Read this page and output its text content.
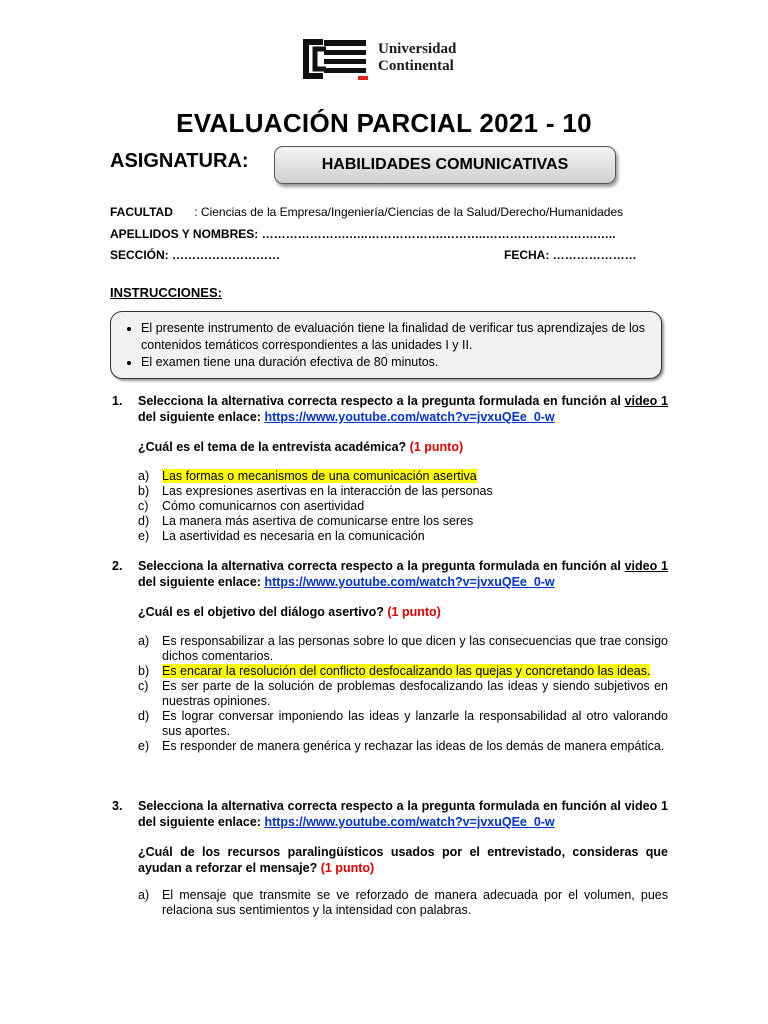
Universidad
Continental
EVALUACIÓN PARCIAL 2021 - 10
ASIGNATURA:	HABILIDADES COMUNICATIVAS
FACULTAD : Ciencias de la Empresa/Ingeniería/Ciencias de la Salud/Derecho/Humanidades
APELLIDOS Y NOMBRES: ………………….…..……………….………..……………………….…..
SECCIÓN: ………………………	FECHA: …………………
INSTRUCCIONES:
• El presente instrumento de evaluación tiene la finalidad de verificar tus aprendizajes de los contenidos temáticos correspondientes a las unidades I y II.
• El examen tiene una duración efectiva de 80 minutos.
1. Selecciona la alternativa correcta respecto a la pregunta formulada en función al video 1 del siguiente enlace: https://www.youtube.com/watch?v=jvxuQEe_0-w
¿Cuál es el tema de la entrevista académica? (1 punto)
a) Las formas o mecanismos de una comunicación asertiva
b) Las expresiones asertivas en la interacción de las personas
c) Cómo comunicarnos con asertividad
d) La manera más asertiva de comunicarse entre los seres
e) La asertividad es necesaria en la comunicación
2. Selecciona la alternativa correcta respecto a la pregunta formulada en función al video 1 del siguiente enlace: https://www.youtube.com/watch?v=jvxuQEe_0-w
¿Cuál es el objetivo del diálogo asertivo? (1 punto)
a) Es responsabilizar a las personas sobre lo que dicen y las consecuencias que trae consigo dichos comentarios.
b) Es encarar la resolución del conflicto desfocalizando las quejas y concretando las ideas.
c) Es ser parte de la solución de problemas desfocalizando las ideas y siendo subjetivos en nuestras opiniones.
d) Es lograr conversar imponiendo las ideas y lanzarle la responsabilidad al otro valorando sus aportes.
e) Es responder de manera genérica y rechazar las ideas de los demás de manera empática.
3. Selecciona la alternativa correcta respecto a la pregunta formulada en función al video 1 del siguiente enlace: https://www.youtube.com/watch?v=jvxuQEe_0-w
¿Cuál de los recursos paralingüísticos usados por el entrevistado, consideras que ayudan a reforzar el mensaje? (1 punto)
a) El mensaje que transmite se ve reforzado de manera adecuada por el volumen, pues relaciona sus sentimientos y la intensidad con palabras.
